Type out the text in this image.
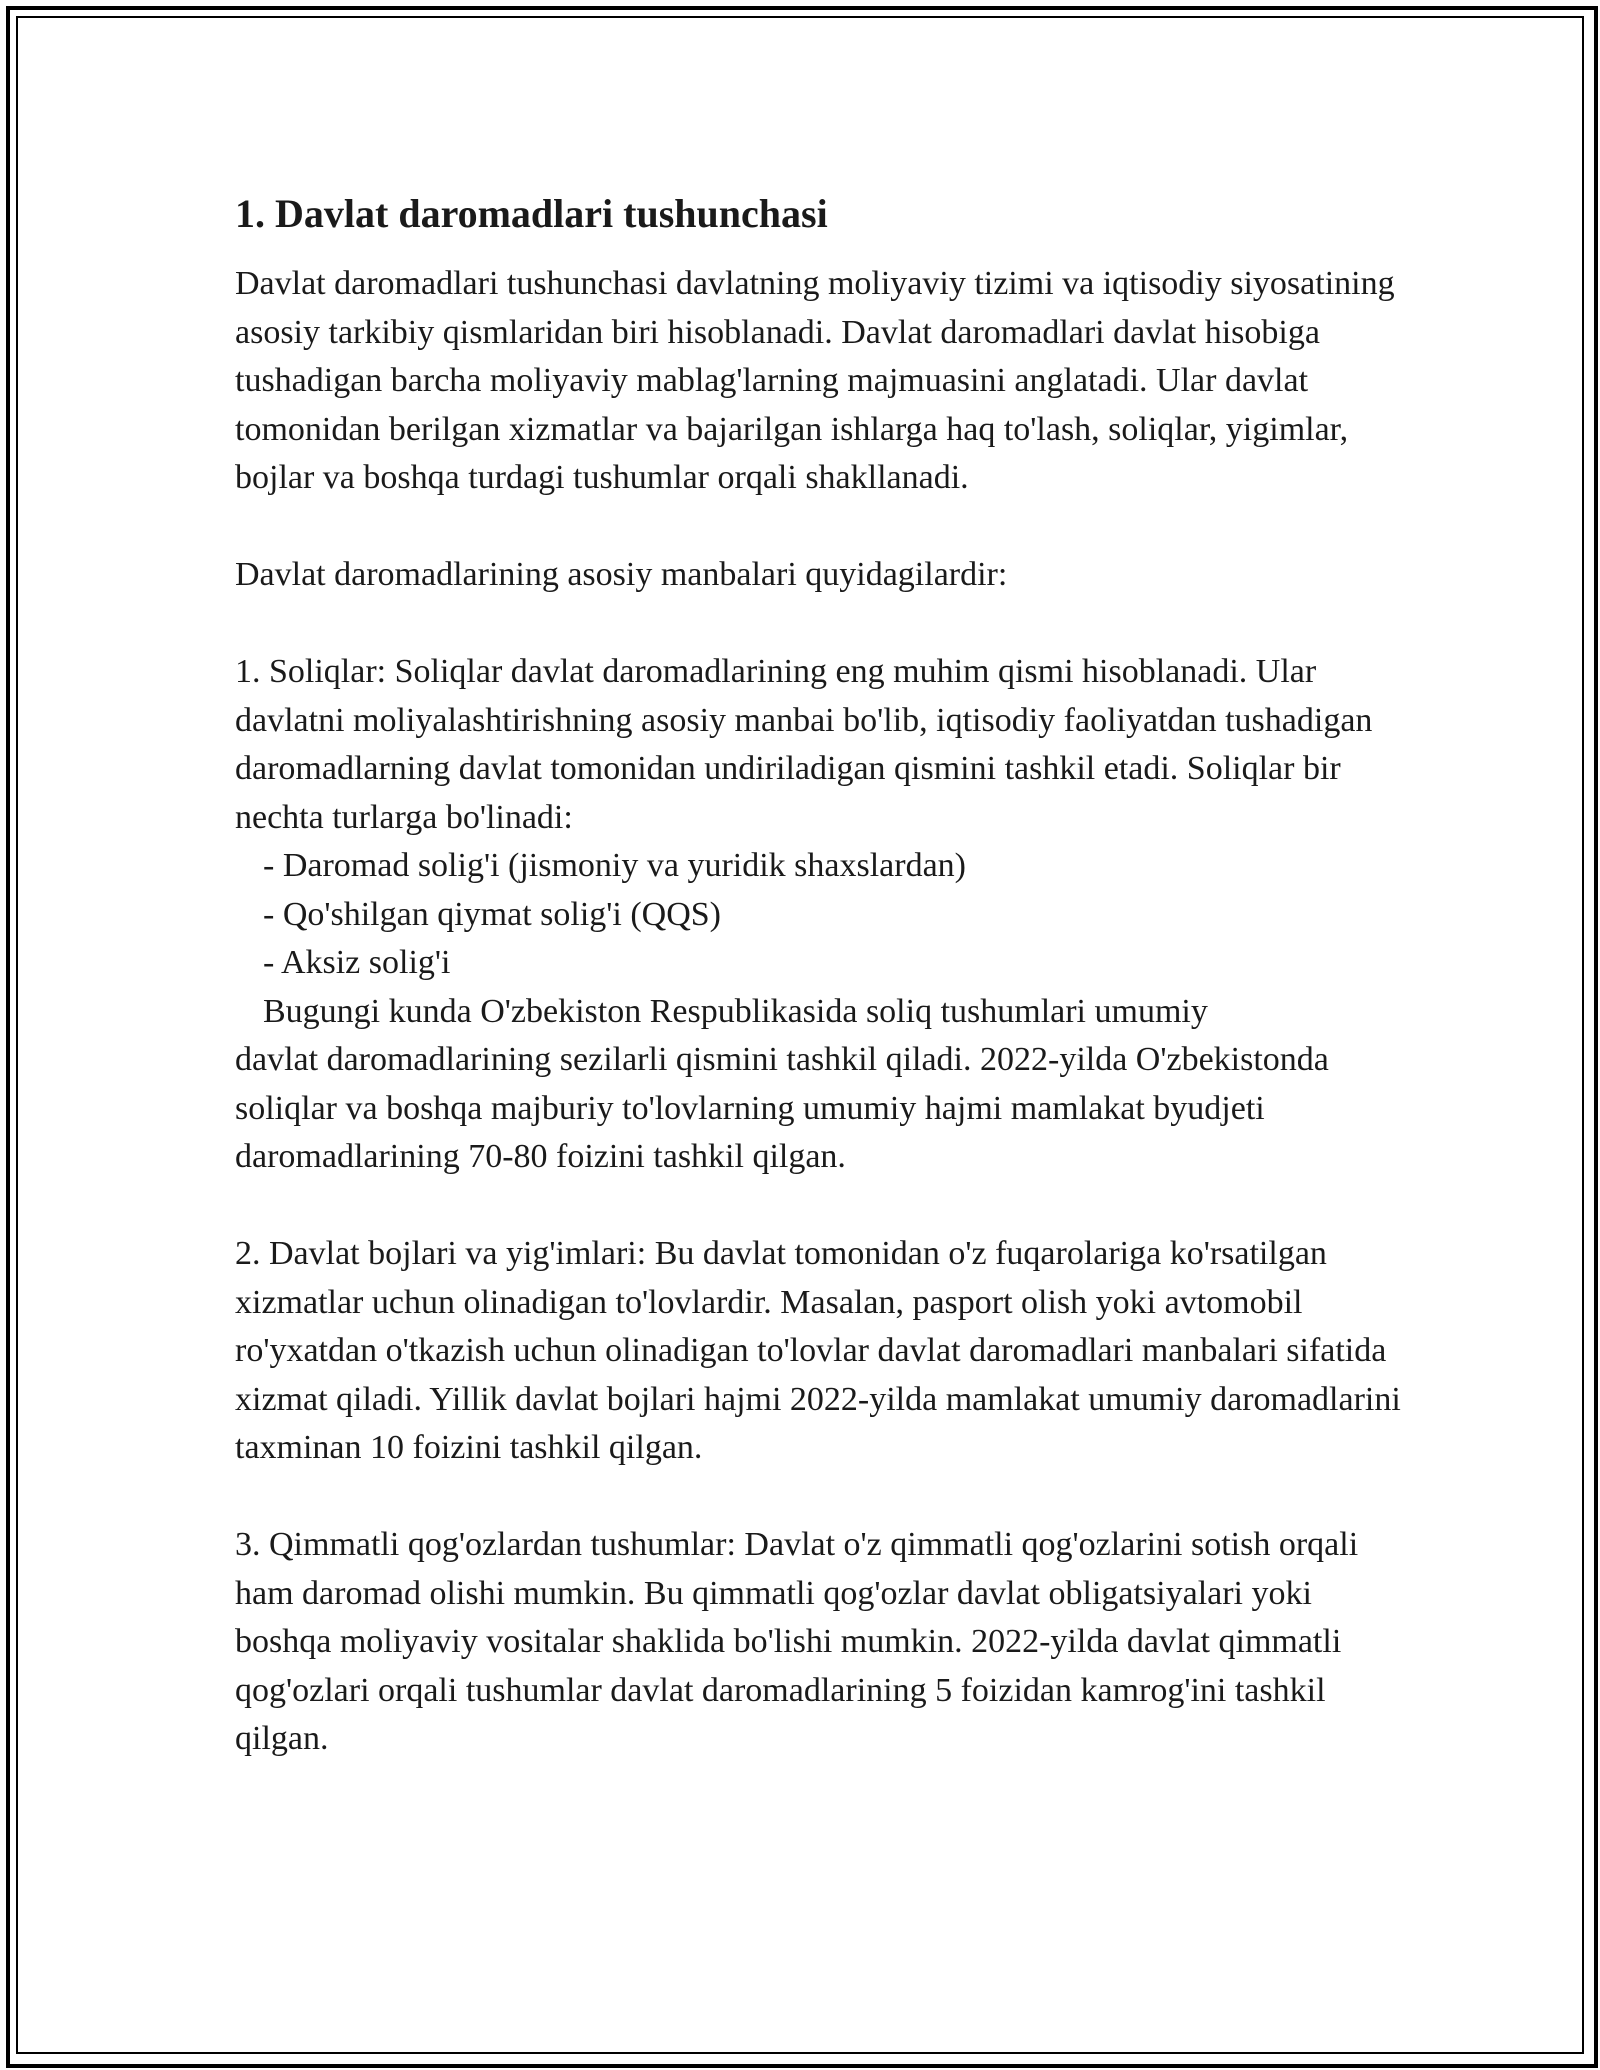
1. Davlat daromadlari tushunchasi

Davlat daromadlari tushunchasi davlatning moliyaviy tizimi va iqtisodiy siyosatining asosiy tarkibiy qismlaridan biri hisoblanadi. Davlat daromadlari davlat hisobiga tushadigan barcha moliyaviy mablag'larning majmuasini anglatadi. Ular davlat tomonidan berilgan xizmatlar va bajarilgan ishlarga haq to'lash, soliqlar, yigimlar, bojlar va boshqa turdagi tushumlar orqali shakllanadi.

Davlat daromadlarining asosiy manbalari quyidagilardir:

1. Soliqlar: Soliqlar davlat daromadlarining eng muhim qismi hisoblanadi. Ular davlatni moliyalashtirishning asosiy manbai bo'lib, iqtisodiy faoliyatdan tushadigan daromadlarning davlat tomonidan undiriladigan qismini tashkil etadi. Soliqlar bir nechta turlarga bo'linadi:

- Daromad solig'i (jismoniy va yuridik shaxslardan)

- Qo'shilgan qiymat solig'i (QQS)

- Aksiz solig'i

Bugungi kunda O'zbekiston Respublikasida soliq tushumlari umumiy

davlat daromadlarining sezilarli qismini tashkil qiladi. 2022-yilda O'zbekistonda soliqlar va boshqa majburiy to'lovlarning umumiy hajmi mamlakat byudjeti daromadlarining 70-80 foizini tashkil qilgan.

2. Davlat bojlari va yig'imlari: Bu davlat tomonidan o'z fuqarolariga ko'rsatilgan xizmatlar uchun olinadigan to'lovlardir. Masalan, pasport olish yoki avtomobil ro'yxatdan o'tkazish uchun olinadigan to'lovlar davlat daromadlari manbalari sifatida xizmat qiladi. Yillik davlat bojlari hajmi 2022-yilda mamlakat umumiy daromadlarini taxminan 10 foizini tashkil qilgan.

3. Qimmatli qog'ozlardan tushumlar: Davlat o'z qimmatli qog'ozlarini sotish orqali ham daromad olishi mumkin. Bu qimmatli qog'ozlar davlat obligatsiyalari yoki boshqa moliyaviy vositalar shaklida bo'lishi mumkin. 2022-yilda davlat qimmatli qog'ozlari orqali tushumlar davlat daromadlarining 5 foizidan kamrog'ini tashkil qilgan.
